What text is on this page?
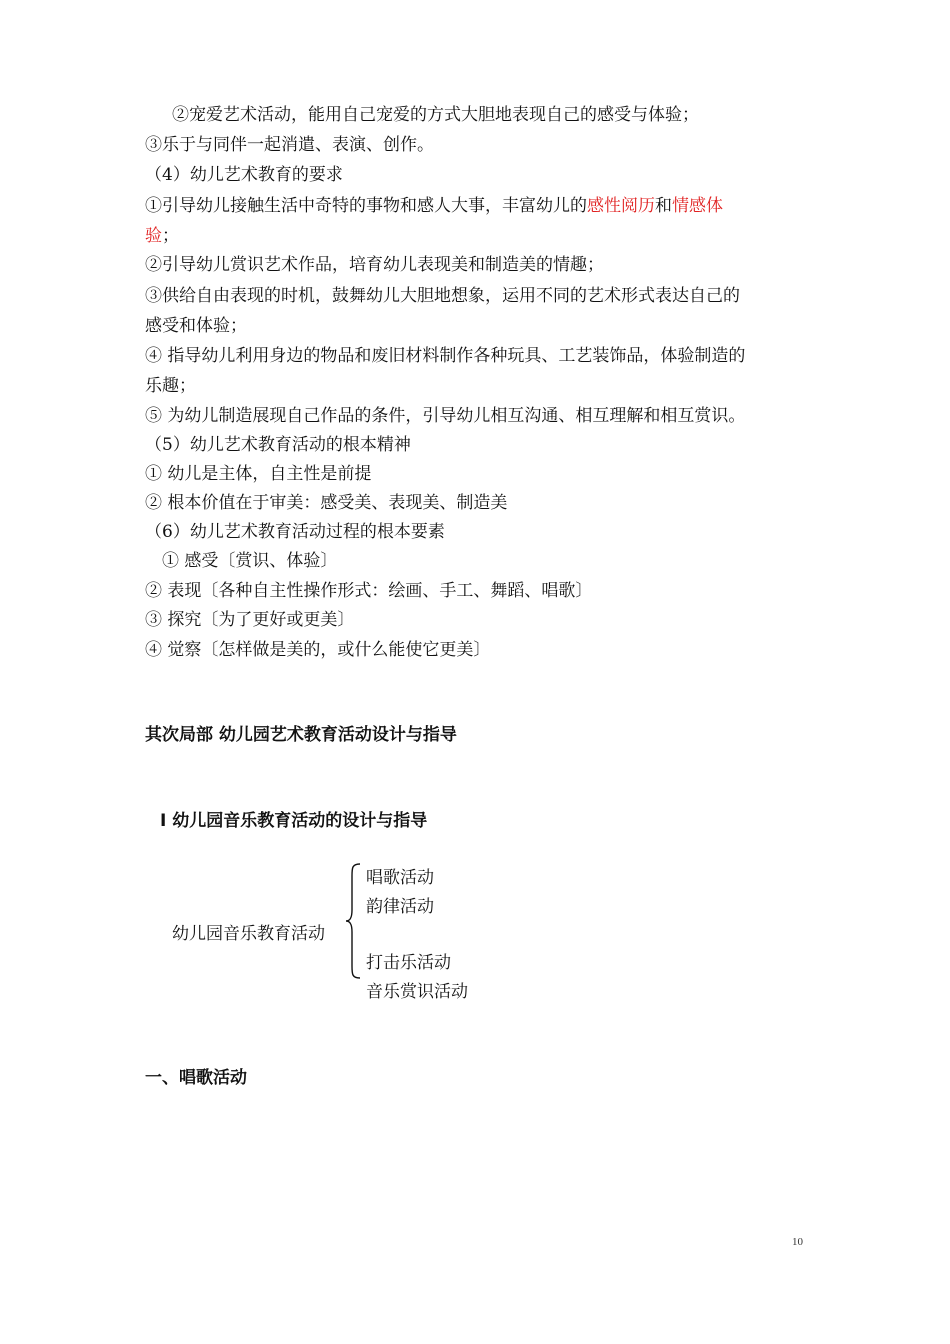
②宠爱艺术活动，能用自己宠爱的方式大胆地表现自己的感受与体验；
③乐于与同伴一起消遣、表演、创作。
（4）幼儿艺术教育的要求
①引导幼儿接触生活中奇特的事物和感人大事，丰富幼儿的感性阅历和情感体
验；
②引导幼儿赏识艺术作品，培育幼儿表现美和制造美的情趣；
③供给自由表现的时机，鼓舞幼儿大胆地想象，运用不同的艺术形式表达自己的
感受和体验；
④ 指导幼儿利用身边的物品和废旧材料制作各种玩具、工艺装饰品，体验制造的
乐趣；
⑤ 为幼儿制造展现自己作品的条件，引导幼儿相互沟通、相互理解和相互赏识。
（5）幼儿艺术教育活动的根本精神
① 幼儿是主体，自主性是前提
② 根本价值在于审美：感受美、表现美、制造美
（6）幼儿艺术教育活动过程的根本要素
① 感受〔赏识、体验〕
② 表现〔各种自主性操作形式：绘画、手工、舞蹈、唱歌〕
③ 探究〔为了更好或更美〕
④ 觉察〔怎样做是美的，或什么能使它更美〕
其次局部 幼儿园艺术教育活动设计与指导
Ⅰ 幼儿园音乐教育活动的设计与指导
幼儿园音乐教育活动
唱歌活动
韵律活动
打击乐活动
音乐赏识活动
一、唱歌活动
10
